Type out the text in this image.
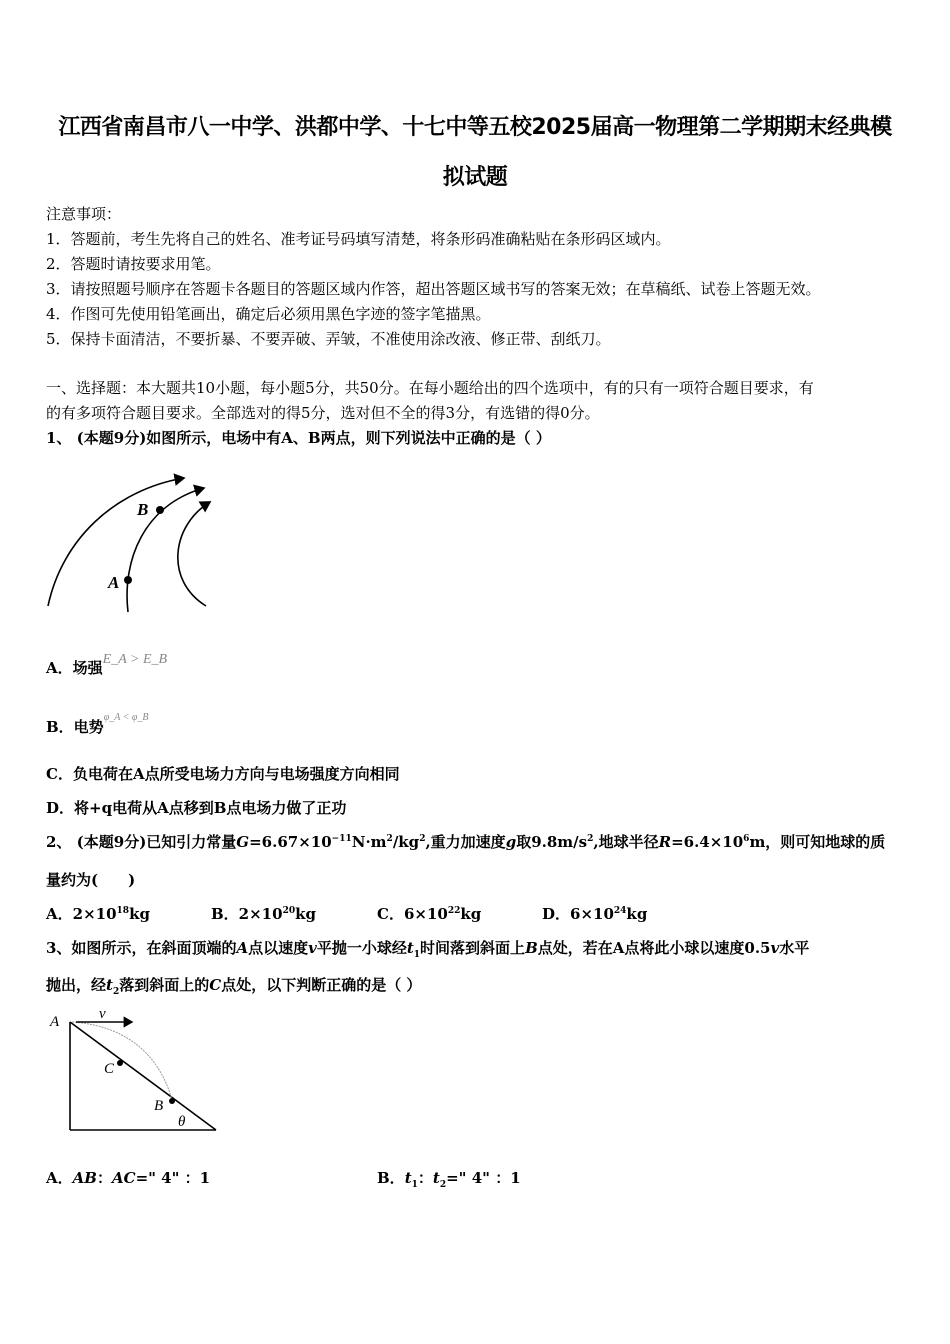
江西省南昌市八一中学、洪都中学、十七中等五校2025届高一物理第二学期期末经典模
拟试题
注意事项：
1．答题前，考生先将自己的姓名、准考证号码填写清楚，将条形码准确粘贴在条形码区域内。
2．答题时请按要求用笔。
3．请按照题号顺序在答题卡各题目的答题区域内作答，超出答题区域书写的答案无效；在草稿纸、试卷上答题无效。
4．作图可先使用铅笔画出，确定后必须用黑色字迹的签字笔描黑。
5．保持卡面清洁，不要折暴、不要弄破、弄皱，不准使用涂改液、修正带、刮纸刀。
一、选择题：本大题共10小题，每小题5分，共50分。在每小题给出的四个选项中，有的只有一项符合题目要求，有
的有多项符合题目要求。全部选对的得5分，选对但不全的得3分，有选错的得0分。
1、 (本题9分)如图所示，电场中有A、B两点，则下列说法中正确的是（ ）
A
B
A．场强E_A > E_B
B．电势$^{\varphi\_A < \varphi\_B}$
C．负电荷在A点所受电场力方向与电场强度方向相同
D．将+q电荷从A点移到B点电场力做了正功
2、 (本题9分)已知引力常量$G=6.67\times 10^{-11}N\cdot m^2/kg^2$,重力加速度g取$9.8m/s^2$,地球半径$R=6.4\times 10^6m$，则可知地球的质
量约为(　　)
A．$2\times 10^{18}kg$	B．$2\times 10^{20}kg$	C．$6\times 10^{22}kg$	D．$6\times 10^{24}kg$
3、如图所示，在斜面顶端的A点以速度v平抛一小球经$t_1$时间落到斜面上B点处，若在A点将此小球以速度0.5v水平
抛出，经$t_2$落到斜面上的C点处，以下判断正确的是（ ）
A	v
C
B
θ
A．AB：AC=" 4" ：1	B．$t_1$：$t_2=$" 4" ：1
